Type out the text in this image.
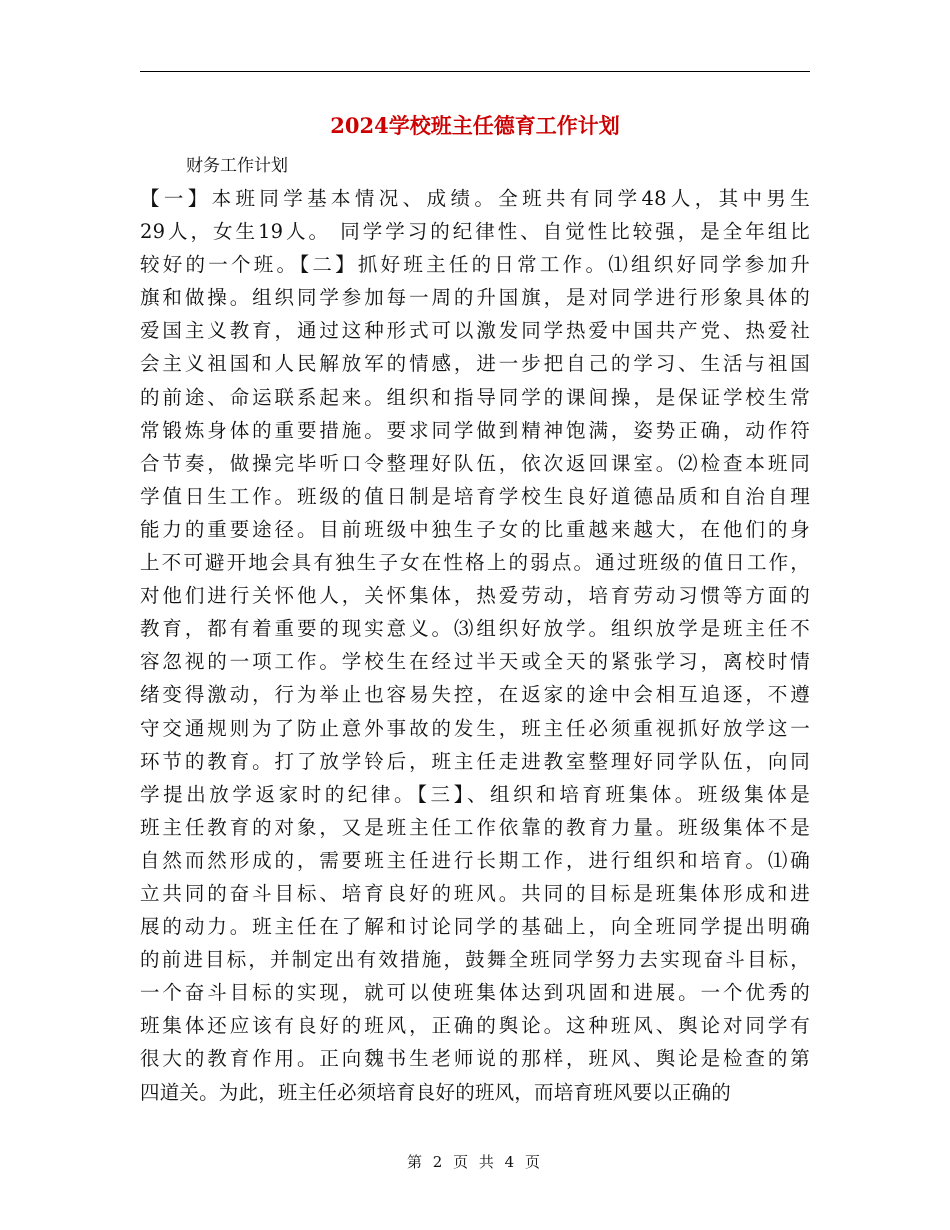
2024学校班主任德育工作计划

财务工作计划

【一】本班同学基本情况、成绩。全班共有同学48人，其中男生
29人，女生19人。 同学学习的纪律性、自觉性比较强，是全年组比
较好的一个班。【二】抓好班主任的日常工作。⑴组织好同学参加升
旗和做操。组织同学参加每一周的升国旗，是对同学进行形象具体的
爱国主义教育，通过这种形式可以激发同学热爱中国共产党、热爱社
会主义祖国和人民解放军的情感，进一步把自己的学习、生活与祖国
的前途、命运联系起来。组织和指导同学的课间操，是保证学校生常
常锻炼身体的重要措施。要求同学做到精神饱满，姿势正确，动作符
合节奏，做操完毕听口令整理好队伍，依次返回课室。⑵检查本班同
学值日生工作。班级的值日制是培育学校生良好道德品质和自治自理
能力的重要途径。目前班级中独生子女的比重越来越大，在他们的身
上不可避开地会具有独生子女在性格上的弱点。通过班级的值日工作，
对他们进行关怀他人，关怀集体，热爱劳动，培育劳动习惯等方面的
教育，都有着重要的现实意义。⑶组织好放学。组织放学是班主任不
容忽视的一项工作。学校生在经过半天或全天的紧张学习，离校时情
绪变得激动，行为举止也容易失控，在返家的途中会相互追逐，不遵
守交通规则为了防止意外事故的发生，班主任必须重视抓好放学这一
环节的教育。打了放学铃后，班主任走进教室整理好同学队伍，向同
学提出放学返家时的纪律。【三】、组织和培育班集体。班级集体是
班主任教育的对象，又是班主任工作依靠的教育力量。班级集体不是
自然而然形成的，需要班主任进行长期工作，进行组织和培育。⑴确
立共同的奋斗目标、培育良好的班风。共同的目标是班集体形成和进
展的动力。班主任在了解和讨论同学的基础上，向全班同学提出明确
的前进目标，并制定出有效措施，鼓舞全班同学努力去实现奋斗目标，
一个奋斗目标的实现，就可以使班集体达到巩固和进展。一个优秀的
班集体还应该有良好的班风，正确的舆论。这种班风、舆论对同学有
很大的教育作用。正向魏书生老师说的那样，班风、舆论是检查的第
四道关。为此，班主任必须培育良好的班风，而培育班风要以正确的

第 2 页 共 4 页
